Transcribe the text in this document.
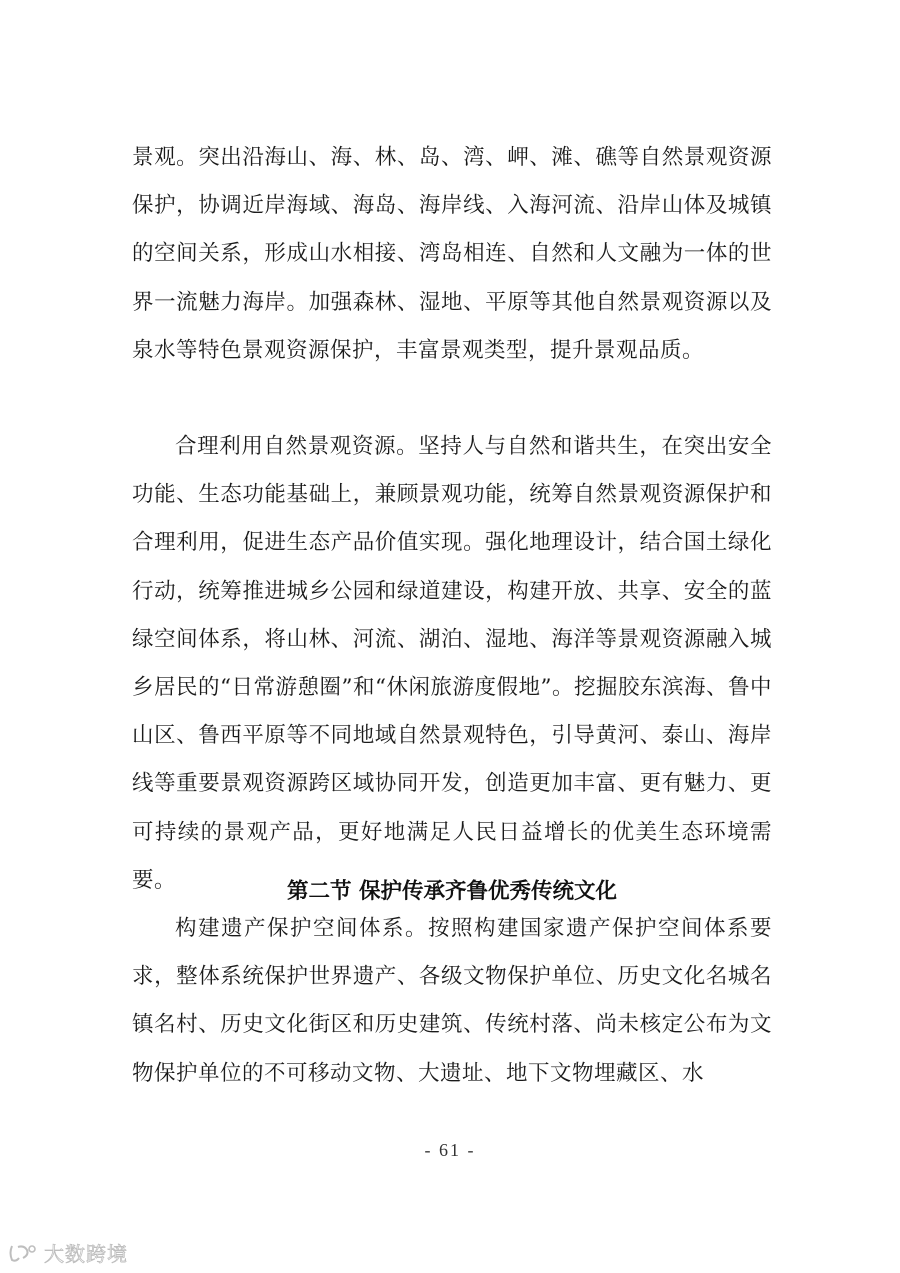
景观。突出沿海山、海、林、岛、湾、岬、滩、礁等自然景观资源保护，协调近岸海域、海岛、海岸线、入海河流、沿岸山体及城镇的空间关系，形成山水相接、湾岛相连、自然和人文融为一体的世界一流魅力海岸。加强森林、湿地、平原等其他自然景观资源以及泉水等特色景观资源保护，丰富景观类型，提升景观品质。

合理利用自然景观资源。坚持人与自然和谐共生，在突出安全功能、生态功能基础上，兼顾景观功能，统筹自然景观资源保护和合理利用，促进生态产品价值实现。强化地理设计，结合国土绿化行动，统筹推进城乡公园和绿道建设，构建开放、共享、安全的蓝绿空间体系，将山林、河流、湖泊、湿地、海洋等景观资源融入城乡居民的“日常游憩圈”和“休闲旅游度假地”。挖掘胶东滨海、鲁中山区、鲁西平原等不同地域自然景观特色，引导黄河、泰山、海岸线等重要景观资源跨区域协同开发，创造更加丰富、更有魅力、更可持续的景观产品，更好地满足人民日益增长的优美生态环境需要。	第二节 保护传承齐鲁优秀传统文化

构建遗产保护空间体系。按照构建国家遗产保护空间体系要求，整体系统保护世界遗产、各级文物保护单位、历史文化名城名镇名村、历史文化街区和历史建筑、传统村落、尚未核定公布为文物保护单位的不可移动文物、大遗址、地下文物埋藏区、水

- 61 -
大数跨境
